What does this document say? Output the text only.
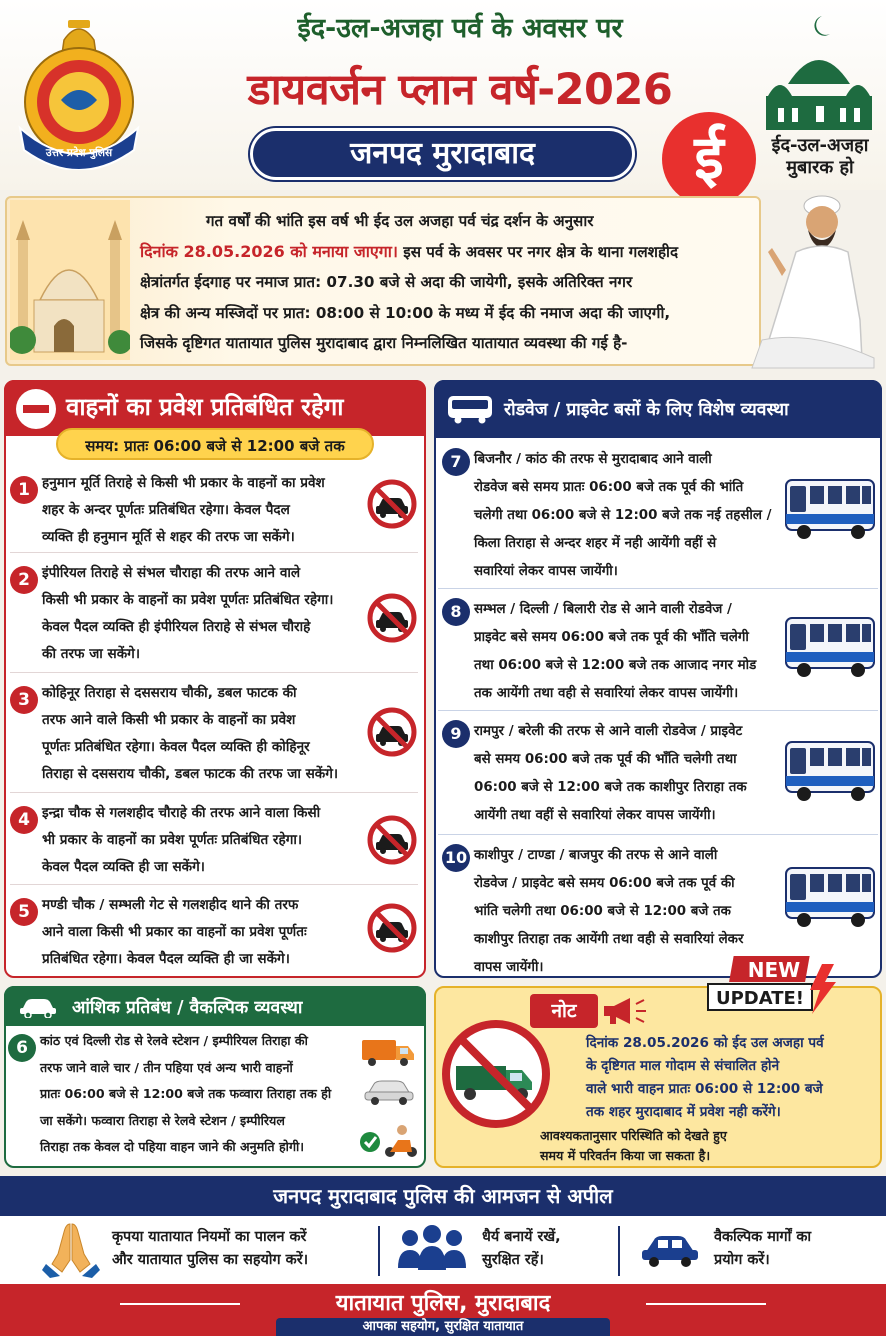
उत्तर प्रदेश पुलिस
ईद-उल-अजहा पर्व के अवसर पर
डायवर्जन प्लान वर्ष-2026
जनपद मुरादाबाद	ई	ईद-उल-अजहा
मुबारक हो
गत वर्षों की भांति इस वर्ष भी ईद उल अजहा पर्व चंद्र दर्शन के अनुसार
दिनांक 28.05.2026 को मनाया जाएगा। इस पर्व के अवसर पर नगर क्षेत्र के थाना गलशहीद
क्षेत्रांतर्गत ईदगाह पर नमाज प्रात: 07.30 बजे से अदा की जायेगी, इसके अतिरिक्त नगर
क्षेत्र की अन्य मस्जिदों पर प्रात: 08:00 से 10:00 के मध्य में ईद की नमाज अदा की जाएगी,
जिसके दृष्टिगत यातायात पुलिस मुरादाबाद द्वारा निम्नलिखित यातायात व्यवस्था की गई है-
वाहनों का प्रवेश प्रतिबंधित रहेगा
समय: प्रातः 06:00 बजे से 12:00 बजे तक
1 हनुमान मूर्ति तिराहे से किसी भी प्रकार के वाहनों का प्रवेश
शहर के अन्दर पूर्णतः प्रतिबंधित रहेगा। केवल पैदल
व्यक्ति ही हनुमान मूर्ति से शहर की तरफ जा सकेंगे।
2 इंपीरियल तिराहे से संभल चौराहा की तरफ आने वाले
किसी भी प्रकार के वाहनों का प्रवेश पूर्णतः प्रतिबंधित रहेगा।
केवल पैदल व्यक्ति ही इंपीरियल तिराहे से संभल चौराहे
की तरफ जा सकेंगे।
3 कोहिनूर तिराहा से दससराय चौकी, डबल फाटक की
तरफ आने वाले किसी भी प्रकार के वाहनों का प्रवेश
पूर्णतः प्रतिबंधित रहेगा। केवल पैदल व्यक्ति ही कोहिनूर
तिराहा से दससराय चौकी, डबल फाटक की तरफ जा सकेंगे।
4 इन्द्रा चौक से गलशहीद चौराहे की तरफ आने वाला किसी
भी प्रकार के वाहनों का प्रवेश पूर्णतः प्रतिबंधित रहेगा।
केवल पैदल व्यक्ति ही जा सकेंगे।
5 मण्डी चौक / सम्भली गेट से गलशहीद थाने की तरफ
आने वाला किसी भी प्रकार का वाहनों का प्रवेश पूर्णतः
प्रतिबंधित रहेगा। केवल पैदल व्यक्ति ही जा सकेंगे।
रोडवेज / प्राइवेट बसों के लिए विशेष व्यवस्था
7 बिजनौर / कांठ की तरफ से मुरादाबाद आने वाली
रोडवेज बसे समय प्रातः 06:00 बजे तक पूर्व की भांति
चलेगी तथा 06:00 बजे से 12:00 बजे तक नई तहसील /
किला तिराहा से अन्दर शहर में नही आयेंगी वहीं से
सवारियां लेकर वापस जायेंगी।
8 सम्भल / दिल्ली / बिलारी रोड से आने वाली रोडवेज /
प्राइवेट बसे समय 06:00 बजे तक पूर्व की भाँति चलेगी
तथा 06:00 बजे से 12:00 बजे तक आजाद नगर मोड
तक आयेंगी तथा वही से सवारियां लेकर वापस जायेंगी।
9 रामपुर / बरेली की तरफ से आने वाली रोडवेज / प्राइवेट
बसे समय 06:00 बजे तक पूर्व की भाँति चलेगी तथा
06:00 बजे से 12:00 बजे तक काशीपुर तिराहा तक
आयेंगी तथा वहीं से सवारियां लेकर वापस जायेंगी।
10 काशीपुर / टाण्डा / बाजपुर की तरफ से आने वाली
रोडवेज / प्राइवेट बसे समय 06:00 बजे तक पूर्व की
भांति चलेगी तथा 06:00 बजे से 12:00 बजे तक
काशीपुर तिराहा तक आयेंगी तथा वही से सवारियां लेकर
वापस जायेंगी।
आंशिक प्रतिबंध / वैकल्पिक व्यवस्था
6 कांठ एवं दिल्ली रोड से रेलवे स्टेशन / इम्पीरियल तिराहा की
तरफ जाने वाले चार / तीन पहिया एवं अन्य भारी वाहनों
प्रातः 06:00 बजे से 12:00 बजे तक फव्वारा तिराहा तक ही
जा सकेंगे। फव्वारा तिराहा से रेलवे स्टेशन / इम्पीरियल
तिराहा तक केवल दो पहिया वाहन जाने की अनुमति होगी।
नोट
NEW
UPDATE!
दिनांक 28.05.2026 को ईद उल अजहा पर्व
के दृष्टिगत माल गोदाम से संचालित होने
वाले भारी वाहन प्रातः 06:00 से 12:00 बजे
तक शहर मुरादाबाद में प्रवेश नही करेंगे।
आवश्यकतानुसार परिस्थिति को देखते हुए
समय में परिवर्तन किया जा सकता है।
जनपद मुरादाबाद पुलिस की आमजन से अपील
कृपया यातायात नियमों का पालन करें
और यातायात पुलिस का सहयोग करें।
धैर्य बनायें रखें,
सुरक्षित रहें।
वैकल्पिक मार्गों का
प्रयोग करें।
यातायात पुलिस, मुरादाबाद
आपका सहयोग, सुरक्षित यातायात
